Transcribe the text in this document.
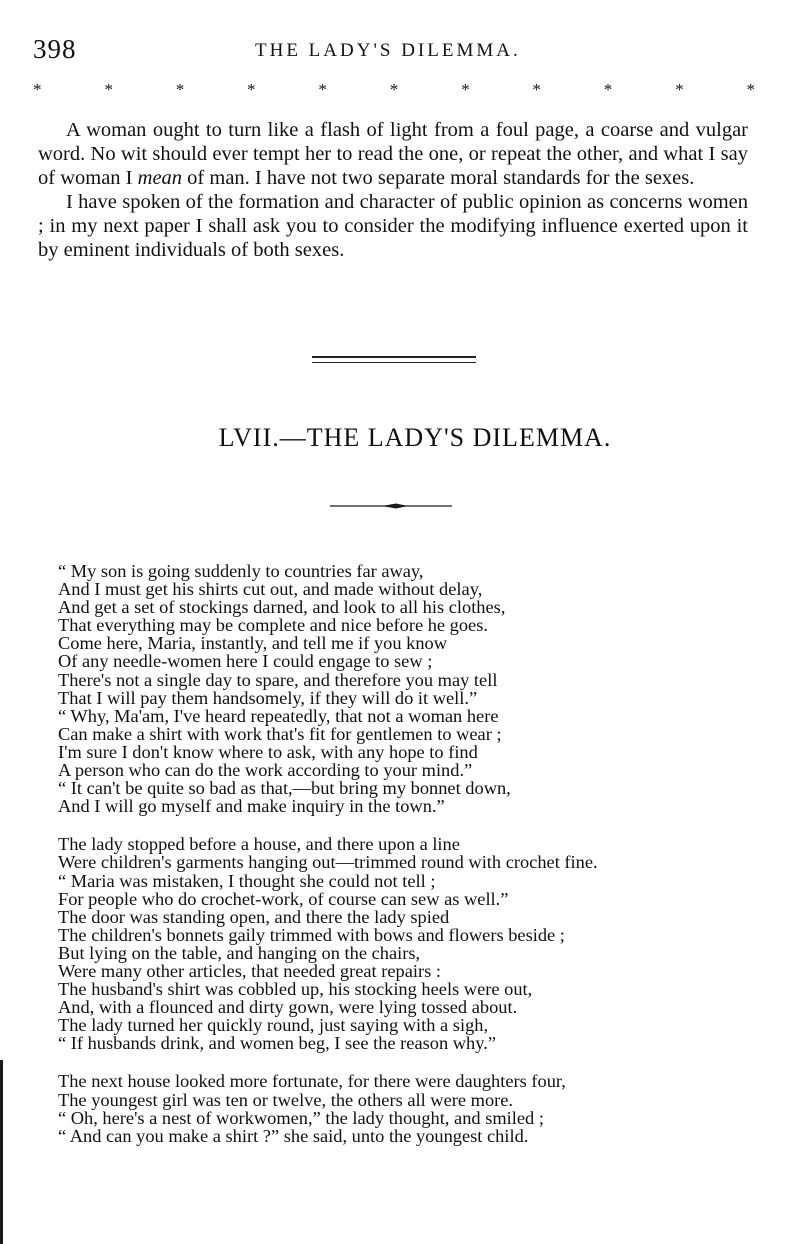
398	THE LADY'S DILEMMA.
*	*	*	*	*	*	*	*	*	*	*

A woman ought to turn like a flash of light from a foul page, a coarse and vulgar word. No wit should ever tempt her to read the one, or repeat the other, and what I say of woman I mean of man. I have not two separate moral standards for the sexes.

I have spoken of the formation and character of public opinion as concerns women ; in my next paper I shall ask you to consider the modifying influence exerted upon it by eminent individuals of both sexes.

LVII.—THE LADY'S DILEMMA.
“ My son is going suddenly to countries far away,
And I must get his shirts cut out, and made without delay,
And get a set of stockings darned, and look to all his clothes,
That everything may be complete and nice before he goes.
Come here, Maria, instantly, and tell me if you know
Of any needle-women here I could engage to sew ;
There's not a single day to spare, and therefore you may tell
That I will pay them handsomely, if they will do it well.”
“ Why, Ma'am, I've heard repeatedly, that not a woman here
Can make a shirt with work that's fit for gentlemen to wear ;
I'm sure I don't know where to ask, with any hope to find
A person who can do the work according to your mind.”
“ It can't be quite so bad as that,—but bring my bonnet down,
And I will go myself and make inquiry in the town.”
The lady stopped before a house, and there upon a line
Were children's garments hanging out—trimmed round with crochet fine.
“ Maria was mistaken, I thought she could not tell ;
For people who do crochet-work, of course can sew as well.”
The door was standing open, and there the lady spied
The children's bonnets gaily trimmed with bows and flowers beside ;
But lying on the table, and hanging on the chairs,
Were many other articles, that needed great repairs :
The husband's shirt was cobbled up, his stocking heels were out,
And, with a flounced and dirty gown, were lying tossed about.
The lady turned her quickly round, just saying with a sigh,
“ If husbands drink, and women beg, I see the reason why.”
The next house looked more fortunate, for there were daughters four,
The youngest girl was ten or twelve, the others all were more.
“ Oh, here's a nest of workwomen,” the lady thought, and smiled ;
“ And can you make a shirt ?” she said, unto the youngest child.
